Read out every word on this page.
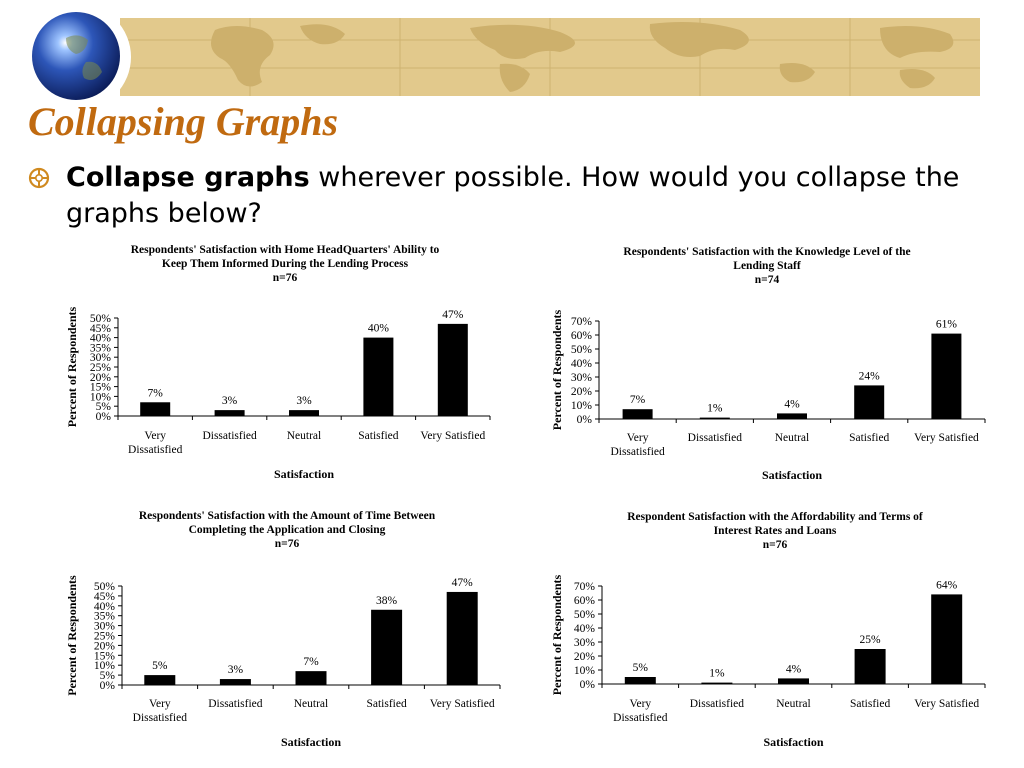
Collapsing Graphs
Collapse graphs wherever possible. How would you collapse the graphs below?
Respondents' Satisfaction with Home HeadQuarters' Ability to
Keep Them Informed During the Lending Process
n=76
0%
5%
10%
15%
20%
25%
30%
35%
40%
45%
50%
7%
Very
Dissatisfied
3%
Dissatisfied
3%
Neutral
40%
Satisfied
47%
Very Satisfied
Satisfaction
Percent of Respondents
Respondents' Satisfaction with the Knowledge Level of the
Lending Staff
n=74
0%
10%
20%
30%
40%
50%
60%
70%
7%
Very
Dissatisfied
1%
Dissatisfied
4%
Neutral
24%
Satisfied
61%
Very Satisfied
Satisfaction
Percent of Respondents
Respondents' Satisfaction with the Amount of Time Between
Completing the Application and Closing
n=76
0%
5%
10%
15%
20%
25%
30%
35%
40%
45%
50%
5%
Very
Dissatisfied
3%
Dissatisfied
7%
Neutral
38%
Satisfied
47%
Very Satisfied
Satisfaction
Percent of Respondents
Respondent Satisfaction with the Affordability and Terms of
Interest Rates and Loans
n=76
0%
10%
20%
30%
40%
50%
60%
70%
5%
Very
Dissatisfied
1%
Dissatisfied
4%
Neutral
25%
Satisfied
64%
Very Satisfied
Satisfaction
Percent of Respondents
